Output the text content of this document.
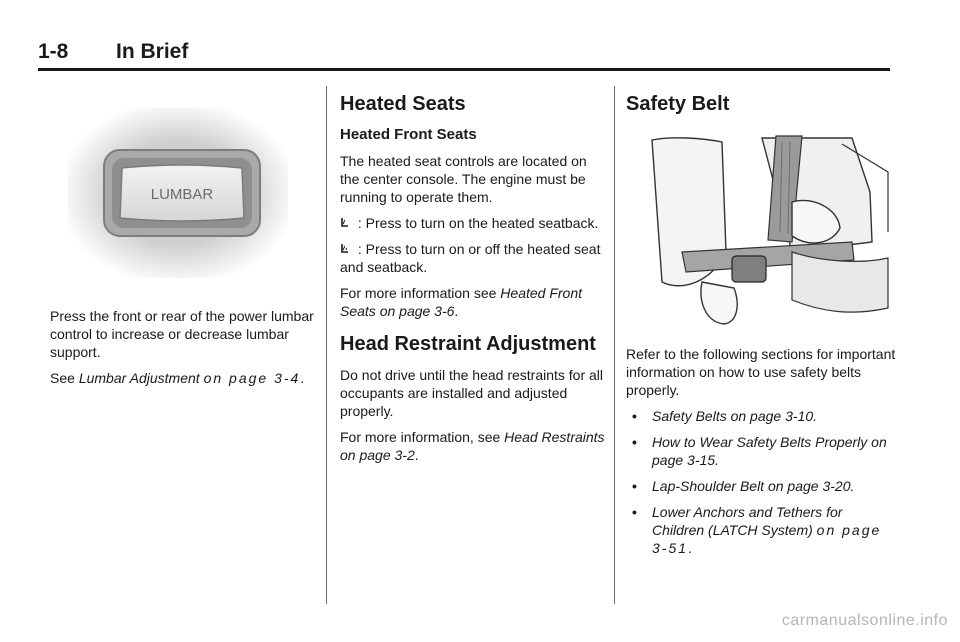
1-8 In Brief
LUMBAR

Press the front or rear of the power lumbar control to increase or decrease lumbar support.

See Lumbar Adjustment on page 3-4.

Heated Seats
Heated Front Seats

The heated seat controls are located on the center console. The engine must be running to operate them.

: Press to turn on the heated seatback.

: Press to turn on or off the heated seat and seatback.

For more information see Heated Front Seats on page 3-6.

Head Restraint Adjustment

Do not drive until the head restraints for all occupants are installed and adjusted properly.

For more information, see Head Restraints on page 3-2.

Safety Belt

Refer to the following sections for important information on how to use safety belts properly.

• Safety Belts on page 3-10.
• How to Wear Safety Belts Properly on page 3-15.
• Lap-Shoulder Belt on page 3-20.
• Lower Anchors and Tethers for Children (LATCH System) on page 3-51.
carmanualsonline.info
